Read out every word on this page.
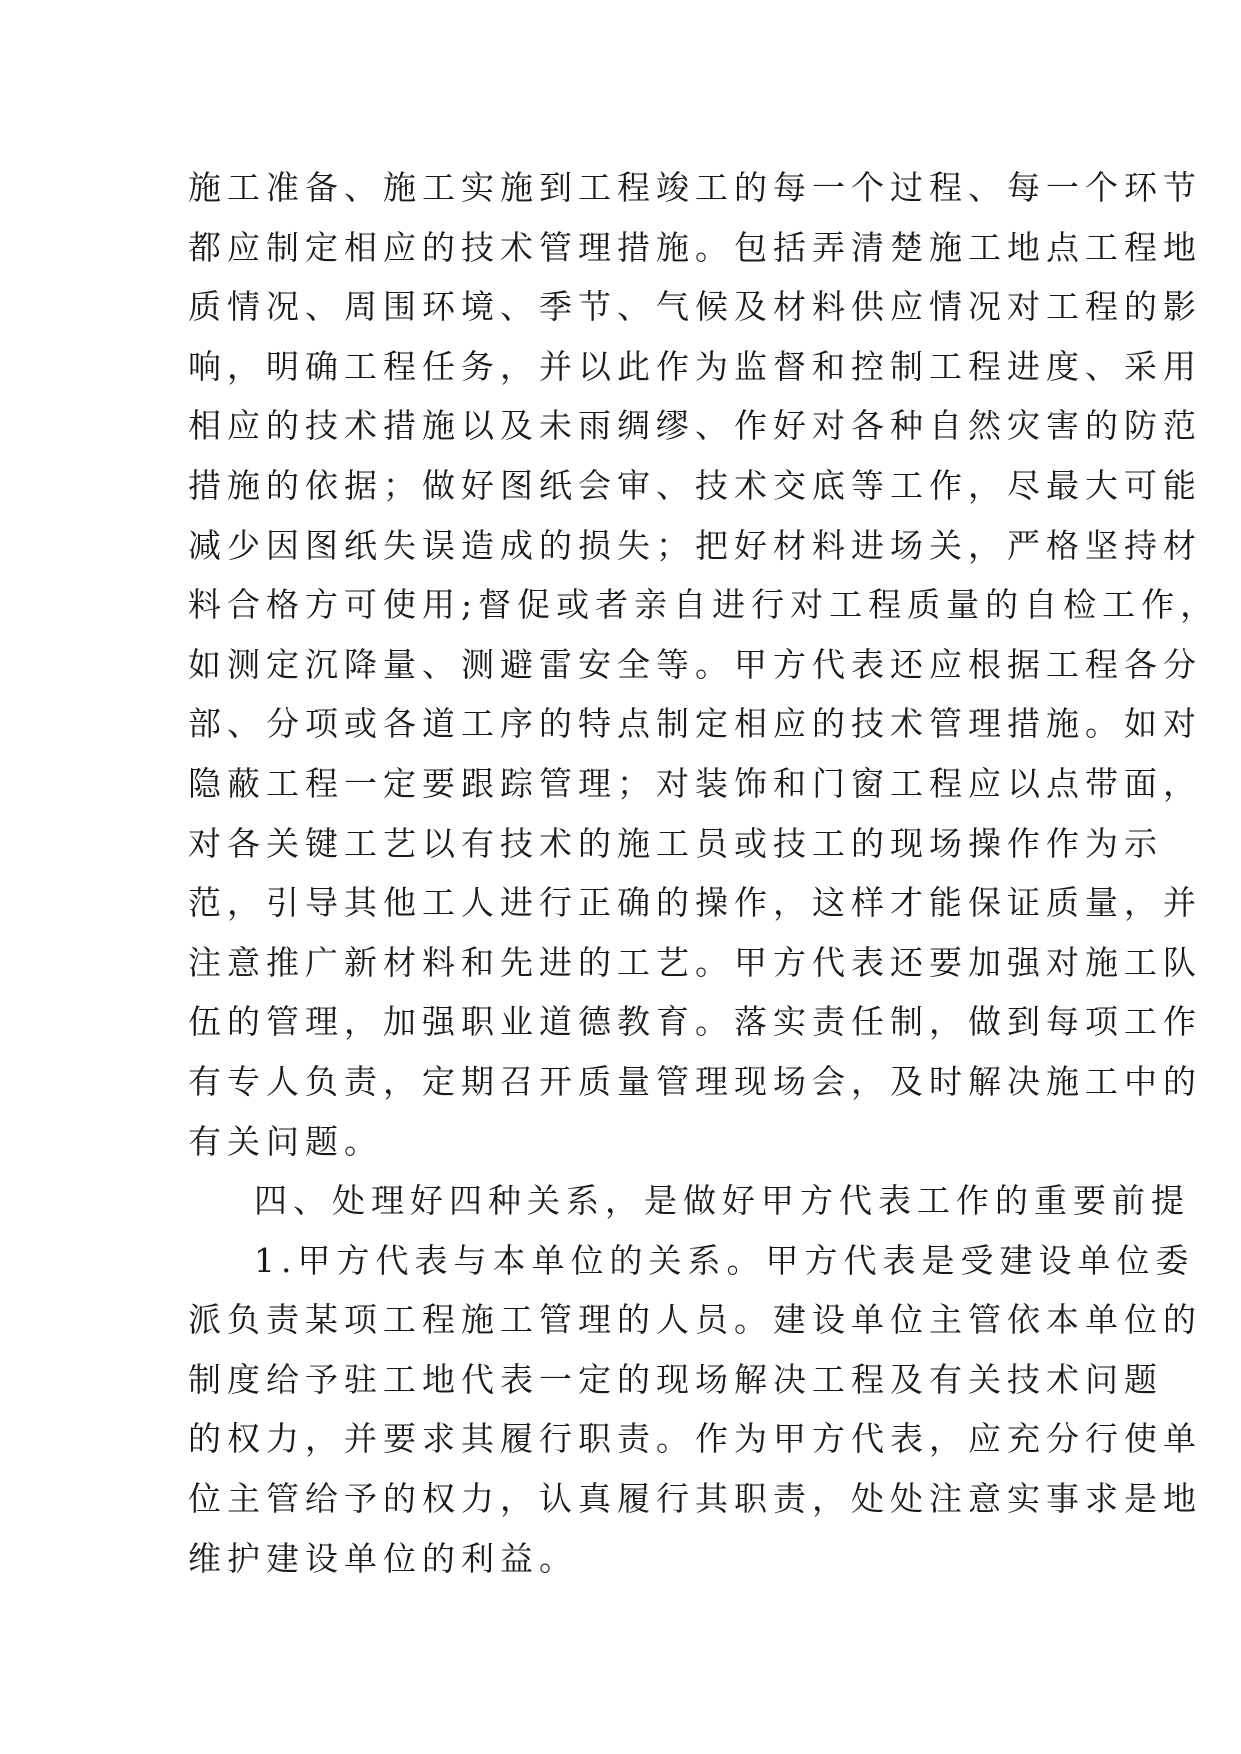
施工准备、施工实施到工程竣工的每一个过程、每一个环节
都应制定相应的技术管理措施。包括弄清楚施工地点工程地
质情况、周围环境、季节、气候及材料供应情况对工程的影
响，明确工程任务，并以此作为监督和控制工程进度、采用
相应的技术措施以及未雨绸缪、作好对各种自然灾害的防范
措施的依据；做好图纸会审、技术交底等工作，尽最大可能
减少因图纸失误造成的损失；把好材料进场关，严格坚持材
料合格方可使用;督促或者亲自进行对工程质量的自检工作，
如测定沉降量、测避雷安全等。甲方代表还应根据工程各分
部、分项或各道工序的特点制定相应的技术管理措施。如对
隐蔽工程一定要跟踪管理；对装饰和门窗工程应以点带面，
对各关键工艺以有技术的施工员或技工的现场操作作为示
范，引导其他工人进行正确的操作，这样才能保证质量，并
注意推广新材料和先进的工艺。甲方代表还要加强对施工队
伍的管理，加强职业道德教育。落实责任制，做到每项工作
有专人负责，定期召开质量管理现场会，及时解决施工中的
有关问题。
四、处理好四种关系，是做好甲方代表工作的重要前提
1.甲方代表与本单位的关系。甲方代表是受建设单位委
派负责某项工程施工管理的人员。建设单位主管依本单位的
制度给予驻工地代表一定的现场解决工程及有关技术问题
的权力，并要求其履行职责。作为甲方代表，应充分行使单
位主管给予的权力，认真履行其职责，处处注意实事求是地
维护建设单位的利益。
